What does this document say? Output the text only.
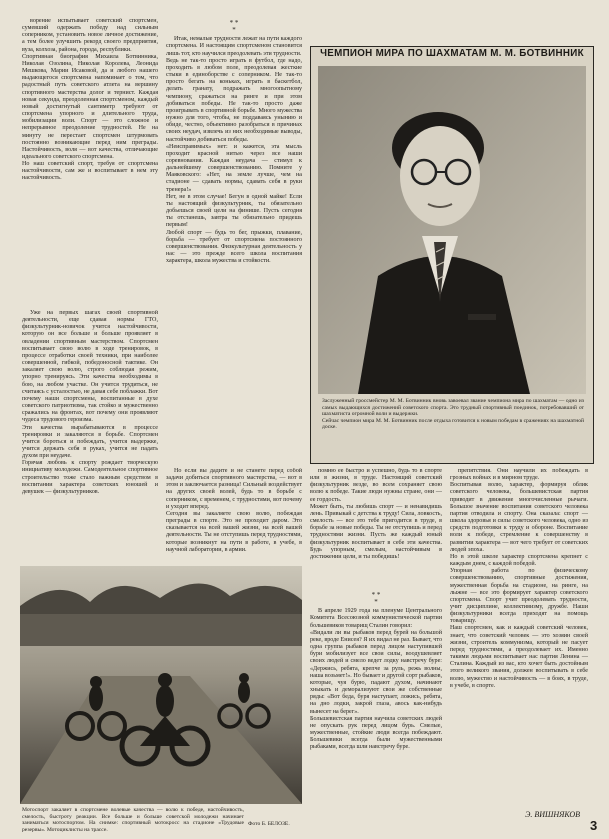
ворение испытывает советский спортсмен, сумевший одержать победу над сильным соперником, установить новое личное достижение, а тем более улучшить рекорд своего предприятия, вуза, колхоза, района, города, республики.
Спортивная биография Михаила Ботвинника, Николая Озолина, Николая Королева, Леонида Мешкова, Марии Исаковой, да и любого нашего выдающегося спортсмена напоминает о том, что радостный путь советского атлета на вершину спортивного мастерства долог и тернист. Каждая новая секунда, преодоленная спортсменом, каждый новый достигнутый сантиметр требуют от спортсмена упорного и длительного труда, мобилизации воли. Спорт — это сложное и непрерывное преодоление трудностей. Не на минуту не перестает спортсмен штурмовать постоянно возникающие перед ним преграды. Настойчивость, воля — вот качества, отличающие идеального советского спортсмена.
Но наш советский спорт, требуя от спортсмена настойчивости, сам же и воспитывает в нем эту настойчивость.

Уже на первых шагах своей спортивной деятельности, еще сдавая нормы ГТО, физкультурник-новичок учится настойчивости, которую он все больше и больше проявляет в овладении спортивным мастерством. Спортсмен воспитывает свою волю в ходе тренировок, в процессе отработки своей техники, при наиболее совершенной, гибкой, победоносной тактике. Он закаляет свою волю, строго соблюдая режим, упорно тренируясь. Эти качества необходимы в бою, на любом участке. Он учится трудиться, не считаясь с усталостью, не давая себе поблажки. Вот почему наши спортсмены, воспитанные в духе советского патриотизма, так стойко и мужественно сражались на фронтах, вот почему они проявляют чудеса трудового героизма.
Эти качества вырабатываются в процессе тренировки и закаляются в борьбе. Спортсмен учится бороться и побеждать, учится выдержке, учится держать себя в руках, учится не падать духом при неудаче.
Горячая любовь к спорту рождает творческую инициативу молодежи. Самодеятельное спортивное строительство тоже стало важным средством в воспитании характера советских юношей и девушек — физкультурников.

* *
*

Итак, немалые трудности лежат на пути каждого спортсмена. И настоящим спортсменом становится лишь тот, кто научился преодолевать эти трудности.
Ведь не так-то просто играть в футбол, где надо, проходить в любом поле, преодолевая жесткие стыки в единоборстве с соперником. Не так-то просто бегать на коньках, играть в баскетбол, делать гранату, подражать многоопытному чемпиону, сражаться на ринге и при этом добиваться победы. Не так-то просто даже проигрывать в спортивной борьбе. Много мужества нужно для того, чтобы, не поддаваясь унынию и обиде, честно, объективно разобраться в причинах своих неудач, извлечь из них необходимые выводы, настойчиво добиваться победы.
«Неисправимых» нет: и кажется, эта мысль проходит красной нитью через все наши соревнования. Каждая неудача — стимул к дальнейшему совершенствованию. Помните у Маяковского: «Нет, на земле лучше, чем на стадионе — сдавать нормы, сдавать себя в руки тренера!»
Нет, не в этом случае! Бегун в одной майке! Если ты настоящий физкультурник, ты обязательно добьешься своей цели на финише. Пусть сегодня ты отстанешь, завтра ты обязательно придешь первым!
Любой спорт — будь то бег, прыжки, плавание, борьба — требует от спортсмена постоянного совершенствования. Физкультурная деятельность у нас — это прежде всего школа воспитания характера, школа мужества и стойкости.

Но если вы дадите и не станете перед собой задачи добиться спортивного мастерства, — вот в этом и заключается разница! Сильный воздействует на других своей волей, будь то в борьбе с соперником, с временем, с трудностями, вот почему и уходит вперед.
Сегодня вы закаляете свою волю, побеждая преграды в спорте. Это не проходит даром. Это сказывается на всей вашей жизни, на всей вашей деятельности. Ты не отступишь перед трудностями, которые возникнут на пути в работе, в учебе, в научной лаборатории, в армии.

ЧЕМПИОН МИРА ПО ШАХМАТАМ М. М. БОТВИННИК
Заслуженный гроссмейстер М. М. Ботвинник вновь завоевал звание чемпиона мира по шахматам — одно из самых выдающихся достижений советского спорта. Это трудный спортивный поединок, потребовавший от шахматиста огромной воли и выдержки.
Сейчас чемпион мира М. М. Ботвинник после отдыха готовится к новым победам в сражениях на шахматной доске.

помню ее быстро и успешно, будь то в спорте или в жизни, в труде. Настоящий советский физкультурник везде, во всем сохраняет свою волю к победе. Такие люди нужны стране, они — ее гордость.
Может быть, ты любишь спорт — и ненавидишь лень. Привыкай с детства к труду! Сила, ловкость, смелость — все это тебе пригодится в труде, в борьбе за новые победы. Ты не отступишь и перед трудностями жизни. Пусть же каждый юный физкультурник воспитывает в себе эти качества. Будь упорным, смелым, настойчивым в достижении цели, и ты победишь!

* *
*

В апреле 1929 года на пленуме Центрального Комитета Всесоюзной коммунистической партии большевиков товарищ Сталин говорил:
«Видали ли вы рыбаков перед бурей на большой реке, вроде Енисея? Я их видал не раз. Бывает, что одна группа рыбаков перед лицом наступившей бури мобилизует все свои силы, воодушевляет своих людей и смело ведет лодку навстречу буре: «Держись, ребята, крепче за руль, режь волны, наша возьмет!». Но бывает и другой сорт рыбаков, которые, чуя бурю, падают духом, начинают хныкать и деморализуют свои же собственные ряды: «Вот беда, буря наступает, ложись, ребята, на дно лодки, закрой глаза, авось как-нибудь вынесет на берег».
Большевистская партия научила советских людей не опускать рук перед лицом бурь. Смелые, мужественные, стойкие люди всегда побеждают. Большевики всегда были мужественными рыбаками, всегда шли навстречу буре.

препятствия. Они научили их побеждать в грозных войнах и в мирном труде.
Воспитывая волю, характер, формируя облик советского человека, большевистская партия приводит в движение многочисленные рычаги. Большое значение воспитания советского человека партия отводила и спорту. Она сказала: спорт — школа здоровья и силы советского человека, одно из средств подготовки к труду и обороне. Воспитание воли к победе, стремление к совершенству в развитии характера — вот чего требует от советских людей эпоха.
Но в этой школе характер спортсмена крепнет с каждым днем, с каждой победой.
Упорная работа по физическому совершенствованию, спортивные достижения, мужественная борьба на стадионе, на ринге, на лыжне — все это формирует характер советского спортсмена. Спорт учит преодолевать трудности, учит дисциплине, коллективизму, дружбе. Наши физкультурники всегда приходят на помощь товарищу.
Наш спортсмен, как и каждый советский человек, знает, что советский человек — это хозяин своей жизни, строитель коммунизма, который не пасует перед трудностями, а преодолевает их. Именно такими людьми воспитывает нас партия Ленина — Сталина. Каждый из вас, кто хочет быть достойным этого великого звания, должен воспитывать в себе волю, мужество и настойчивость — в боях, в труде, в учебе, в спорте.

Мотоспорт закаляет в спортсмене волевые качества — волю к победе, настойчивость, смелость, быстроту реакции. Все больше и больше советской молодежи начинает заниматься мотоспортом. На снимке: спортивный мотокросс на стадионе «Трудовые резервы». Мотоциклисты на трассе.
Фото Б. БЕЛОЗЕ.
Э. ВИШНЯКОВ
3
